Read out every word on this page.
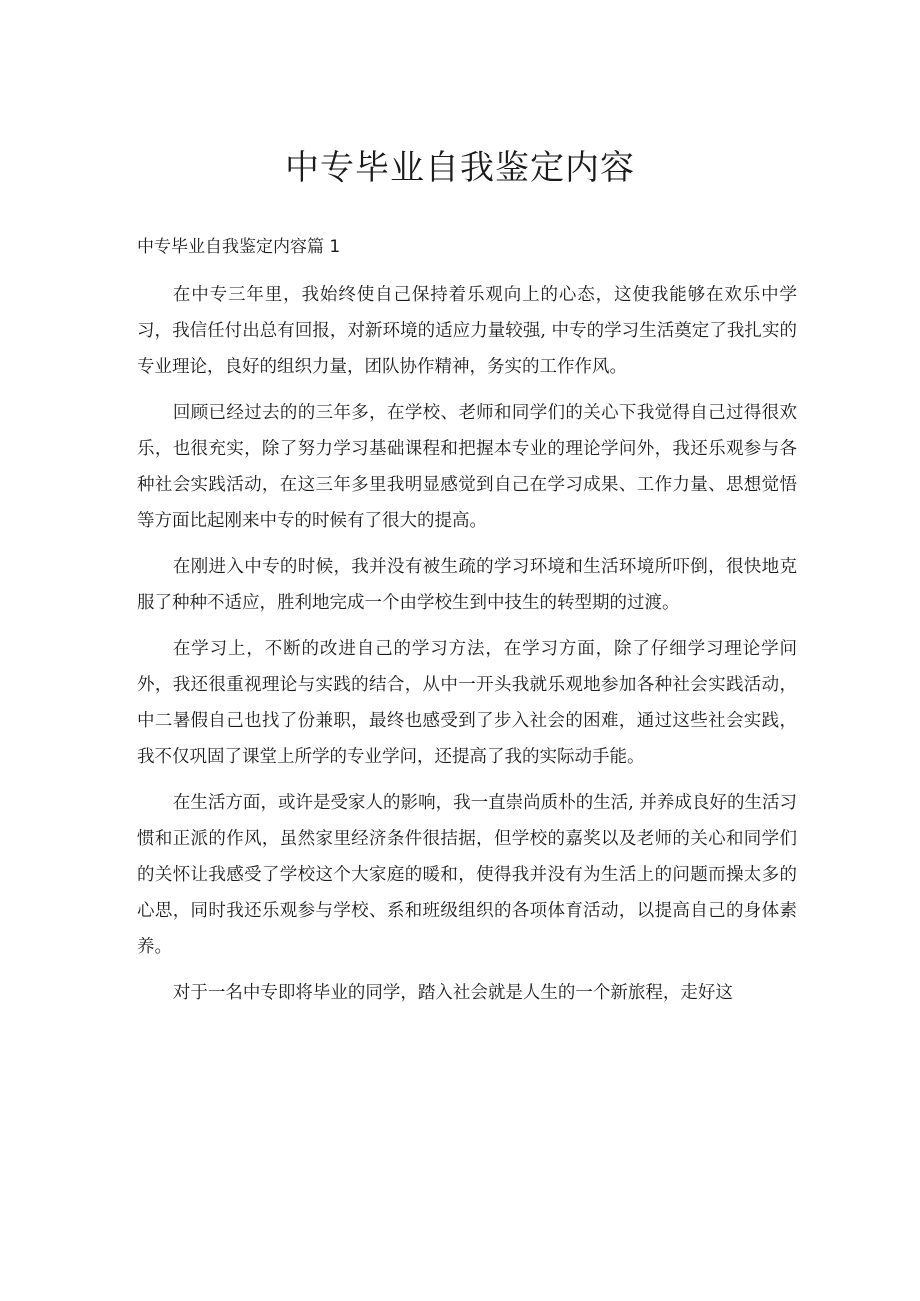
中专毕业自我鉴定内容

中专毕业自我鉴定内容篇 1

在中专三年里，我始终使自己保持着乐观向上的心态，这使我能够在欢乐中学习，我信任付出总有回报，对新环境的适应力量较强, 中专的学习生活奠定了我扎实的专业理论，良好的组织力量，团队协作精神，务实的工作作风。

回顾已经过去的的三年多，在学校、老师和同学们的关心下我觉得自己过得很欢乐，也很充实，除了努力学习基础课程和把握本专业的理论学问外，我还乐观参与各种社会实践活动，在这三年多里我明显感觉到自己在学习成果、工作力量、思想觉悟等方面比起刚来中专的时候有了很大的提高。

在刚进入中专的时候，我并没有被生疏的学习环境和生活环境所吓倒，很快地克服了种种不适应，胜利地完成一个由学校生到中技生的转型期的过渡。

在学习上，不断的改进自己的学习方法，在学习方面，除了仔细学习理论学问外，我还很重视理论与实践的结合，从中一开头我就乐观地参加各种社会实践活动，中二暑假自己也找了份兼职，最终也感受到了步入社会的困难，通过这些社会实践，我不仅巩固了课堂上所学的专业学问，还提高了我的实际动手能。

在生活方面，或许是受家人的影响，我一直崇尚质朴的生活, 并养成良好的生活习惯和正派的作风，虽然家里经济条件很拮据，但学校的嘉奖以及老师的关心和同学们的关怀让我感受了学校这个大家庭的暖和，使得我并没有为生活上的问题而操太多的心思，同时我还乐观参与学校、系和班级组织的各项体育活动，以提高自己的身体素养。

对于一名中专即将毕业的同学，踏入社会就是人生的一个新旅程，走好这
